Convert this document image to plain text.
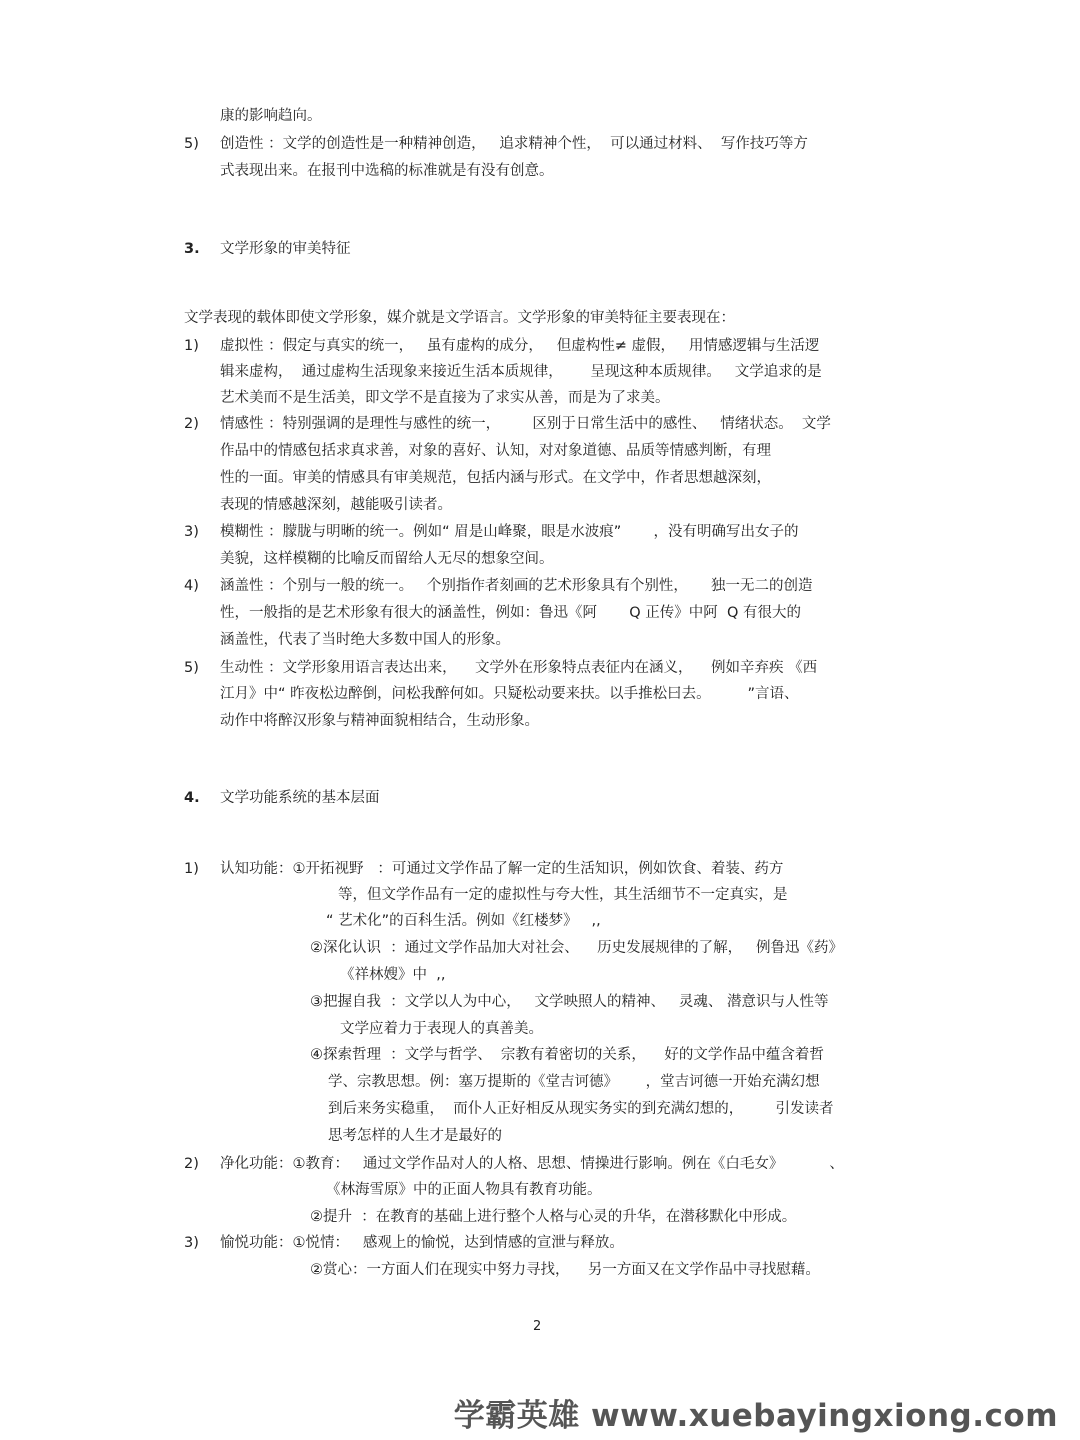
康的影响趋向。
5) 创造性 ：文学的创造性是一种精神创造，   追求精神个性，  可以通过材料、  写作技巧等方
式表现出来。在报刊中选稿的标准就是有没有创意。
3. 文学形象的审美特征
文学表现的载体即使文学形象，媒介就是文学语言。文学形象的审美特征主要表现在：
1) 虚拟性 ：假定与真实的统一，   虽有虚构的成分，   但虚构性≠ 虚假，   用情感逻辑与生活逻
辑来虚构，  通过虚构生活现象来接近生活本质规律，      呈现这种本质规律。   文学追求的是
艺术美而不是生活美，即文学不是直接为了求实从善，而是为了求美。
2) 情感性 ：特别强调的是理性与感性的统一，       区别于日常生活中的感性、   情绪状态。  文学
作品中的情感包括求真求善，对象的喜好、认知，对对象道德、品质等情感判断，有理
性的一面。审美的情感具有审美规范，包括内涵与形式。在文学中，作者思想越深刻，
表现的情感越深刻，越能吸引读者。
3) 模糊性 ：朦胧与明晰的统一。例如“ 眉是山峰聚，眼是水波痕”       ，没有明确写出女子的
美貌，这样模糊的比喻反而留给人无尽的想象空间。
4) 涵盖性 ：个别与一般的统一。   个别指作者刻画的艺术形象具有个别性，     独一无二的创造
性，一般指的是艺术形象有很大的涵盖性，例如：鲁迅《阿       Q 正传》中阿  Q 有很大的
涵盖性，代表了当时绝大多数中国人的形象。
5) 生动性 ：文学形象用语言表达出来，    文学外在形象特点表征内在涵义，    例如辛弃疾 《西
江月》中“ 昨夜松边醉倒，问松我醉何如。只疑松动要来扶。以手推松曰去。        ”言语、
动作中将醉汉形象与精神面貌相结合，生动形象。
4. 文学功能系统的基本层面
1) 认知功能：①开拓视野   ：可通过文学作品了解一定的生活知识，例如饮食、着装、药方
等，但文学作品有一定的虚拟性与夸大性，其生活细节不一定真实，是
“ 艺术化”的百科生活。例如《红楼梦》   ,,
②深化认识  ：通过文学作品加大对社会、    历史发展规律的了解，   例鲁迅《药》
《祥林嫂》中  ,,
③把握自我  ：文学以人为中心，   文学映照人的精神、   灵魂、 潜意识与人性等
文学应着力于表现人的真善美。
④探索哲理  ：文学与哲学、  宗教有着密切的关系，    好的文学作品中蕴含着哲
学、宗教思想。例：塞万提斯的《堂吉诃德》      ，堂吉诃德一开始充满幻想
到后来务实稳重，  而仆人正好相反从现实务实的到充满幻想的，       引发读者
思考怎样的人生才是最好的
2) 净化功能：①教育：   通过文学作品对人的人格、思想、情操进行影响。例在《白毛女》          、
《林海雪原》中的正面人物具有教育功能。
②提升  ：在教育的基础上进行整个人格与心灵的升华，在潜移默化中形成。
3) 愉悦功能：①悦情：   感观上的愉悦，达到情感的宣泄与释放。
②赏心：一方面人们在现实中努力寻找，    另一方面又在文学作品中寻找慰藉。
2
学霸英雄 www.xuebayingxiong.com
